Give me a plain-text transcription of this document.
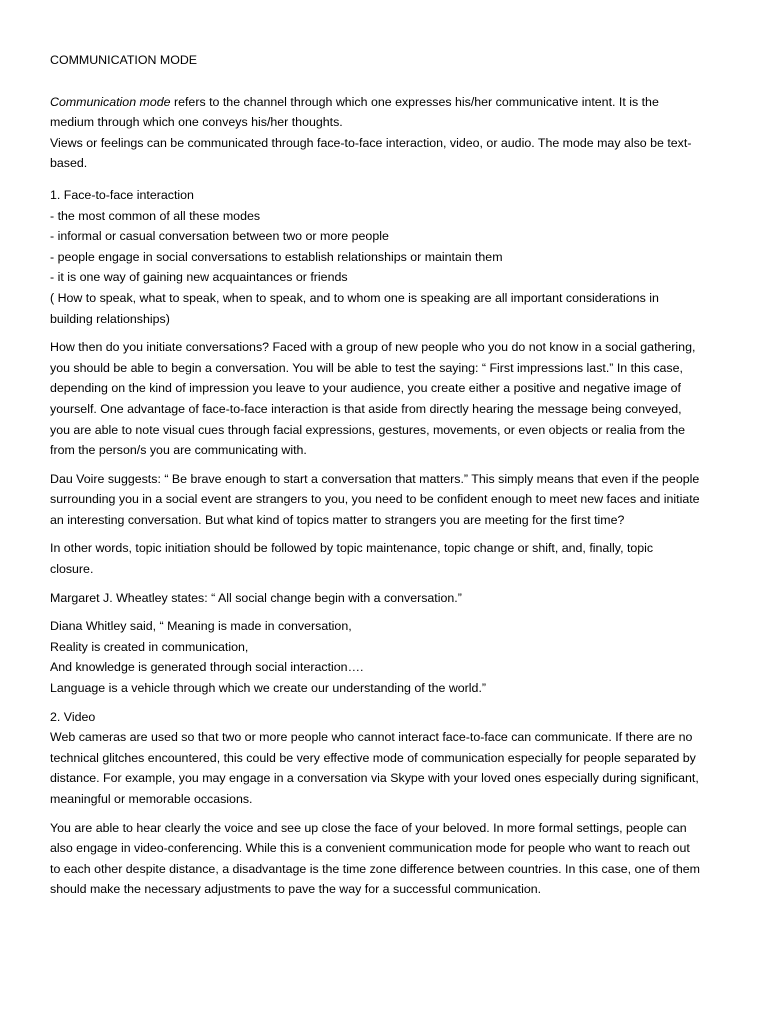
COMMUNICATION MODE

Communication mode refers to the channel through which one expresses his/her communicative intent. It is the
medium through which one conveys his/her thoughts.
Views or feelings can be communicated through face-to-face interaction, video, or audio. The mode may also be text-
based.
1. Face-to-face interaction
- the most common of all these modes
- informal or casual conversation between two or more people
- people engage in social conversations to establish relationships or maintain them
- it is one way of gaining new acquaintances or friends
( How to speak, what to speak, when to speak, and to whom one is speaking are all important considerations in
building relationships)
How then do you initiate conversations? Faced with a group of new people who you do not know in a social gathering,
you should be able to begin a conversation. You will be able to test the saying: “ First impressions last.” In this case,
depending on the kind of impression you leave to your audience, you create either a positive and negative image of
yourself. One advantage of face-to-face interaction is that aside from directly hearing the message being conveyed,
you are able to note visual cues through facial expressions, gestures, movements, or even objects or realia from the
from the person/s you are communicating with.
Dau Voire suggests: “ Be brave enough to start a conversation that matters.” This simply means that even if the people
surrounding you in a social event are strangers to you, you need to be confident enough to meet new faces and initiate
an interesting conversation. But what kind of topics matter to strangers you are meeting for the first time?
In other words, topic initiation should be followed by topic maintenance, topic change or shift, and, finally, topic
closure.
Margaret J. Wheatley states: “ All social change begin with a conversation.”
Diana Whitley said, “ Meaning is made in conversation,
Reality is created in communication,
And knowledge is generated through social interaction….
Language is a vehicle through which we create our understanding of the world.”
2. Video
Web cameras are used so that two or more people who cannot interact face-to-face can communicate. If there are no
technical glitches encountered, this could be very effective mode of communication especially for people separated by
distance. For example, you may engage in a conversation via Skype with your loved ones especially during significant,
meaningful or memorable occasions.
You are able to hear clearly the voice and see up close the face of your beloved. In more formal settings, people can
also engage in video-conferencing. While this is a convenient communication mode for people who want to reach out
to each other despite distance, a disadvantage is the time zone difference between countries. In this case, one of them
should make the necessary adjustments to pave the way for a successful communication.
